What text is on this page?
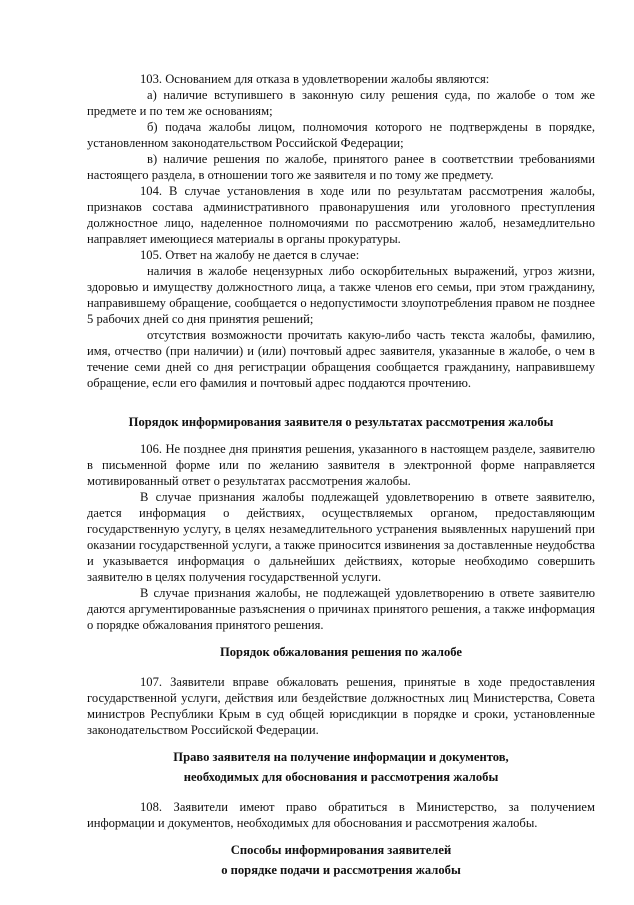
103. Основанием для отказа в удовлетворении жалобы являются:

а) наличие вступившего в законную силу решения суда, по жалобе о том же предмете и по тем же основаниям;

б) подача жалобы лицом, полномочия которого не подтверждены в порядке, установленном законодательством Российской Федерации;

в) наличие решения по жалобе, принятого ранее в соответствии требованиями настоящего раздела, в отношении того же заявителя и по тому же предмету.

104. В случае установления в ходе или по результатам рассмотрения жалобы, признаков состава административного правонарушения или уголовного преступления должностное лицо, наделенное полномочиями по рассмотрению жалоб, незамедлительно направляет имеющиеся материалы в органы прокуратуры.

105. Ответ на жалобу не дается в случае:

наличия в жалобе нецензурных либо оскорбительных выражений, угроз жизни, здоровью и имуществу должностного лица, а также членов его семьи, при этом гражданину, направившему обращение, сообщается о недопустимости злоупотребления правом не позднее 5 рабочих дней со дня принятия решений;

отсутствия возможности прочитать какую-либо часть текста жалобы, фамилию, имя, отчество (при наличии) и (или) почтовый адрес заявителя, указанные в жалобе, о чем в течение семи дней со дня регистрации обращения сообщается гражданину, направившему обращение, если его фамилия и почтовый адрес поддаются прочтению.

Порядок информирования заявителя о результатах рассмотрения жалобы

106. Не позднее дня принятия решения, указанного в настоящем разделе, заявителю в письменной форме или по желанию заявителя в электронной форме направляется мотивированный ответ о результатах рассмотрения жалобы.

В случае признания жалобы подлежащей удовлетворению в ответе заявителю, дается информация о действиях, осуществляемых органом, предоставляющим государственную услугу, в целях незамедлительного устранения выявленных нарушений при оказании государственной услуги, а также приносится извинения за доставленные неудобства и указывается информация о дальнейших действиях, которые необходимо совершить заявителю в целях получения государственной услуги.

В случае признания жалобы, не подлежащей удовлетворению в ответе заявителю даются аргументированные разъяснения о причинах принятого решения, а также информация о порядке обжалования принятого решения.

Порядок обжалования решения по жалобе

107. Заявители вправе обжаловать решения, принятые в ходе предоставления государственной услуги, действия или бездействие должностных лиц Министерства, Совета министров Республики Крым в суд общей юрисдикции в порядке и сроки, установленные законодательством Российской Федерации.

Право заявителя на получение информации и документов,
необходимых для обоснования и рассмотрения жалобы

108. Заявители имеют право обратиться в Министерство, за получением информации и документов, необходимых для обоснования и рассмотрения жалобы.

Способы информирования заявителей
о порядке подачи и рассмотрения жалобы
